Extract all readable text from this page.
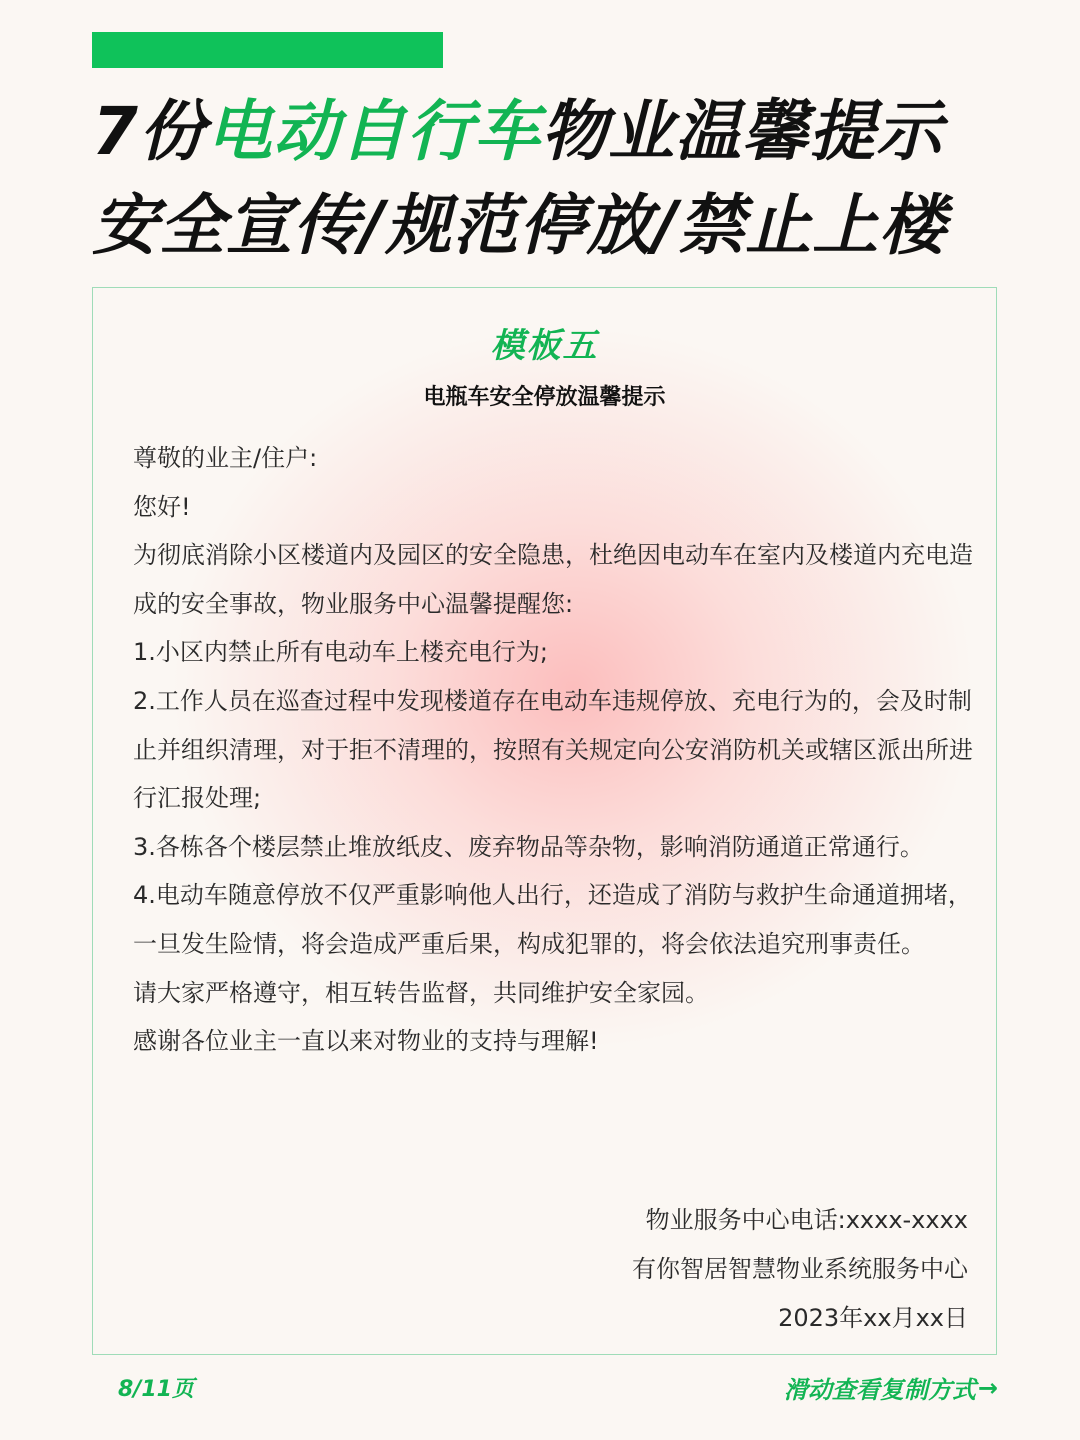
7份电动自行车物业温馨提示
安全宣传/规范停放/禁止上楼
模板五
电瓶车安全停放温馨提示

尊敬的业主/住户:

您好!

为彻底消除小区楼道内及园区的安全隐患，杜绝因电动车在室内及楼道内充电造成的安全事故，物业服务中心温馨提醒您:

1.小区内禁止所有电动车上楼充电行为;

2.工作人员在巡查过程中发现楼道存在电动车违规停放、充电行为的，会及时制止并组织清理，对于拒不清理的，按照有关规定向公安消防机关或辖区派出所进行汇报处理;

3.各栋各个楼层禁止堆放纸皮、废弃物品等杂物，影响消防通道正常通行。

4.电动车随意停放不仅严重影响他人出行，还造成了消防与救护生命通道拥堵，一旦发生险情，将会造成严重后果，构成犯罪的，将会依法追究刑事责任。

请大家严格遵守，相互转告监督，共同维护安全家园。

感谢各位业主一直以来对物业的支持与理解!

物业服务中心电话:xxxx-xxxx

有你智居智慧物业系统服务中心

2023年xx月xx日

8/11页	滑动查看复制方式 →
